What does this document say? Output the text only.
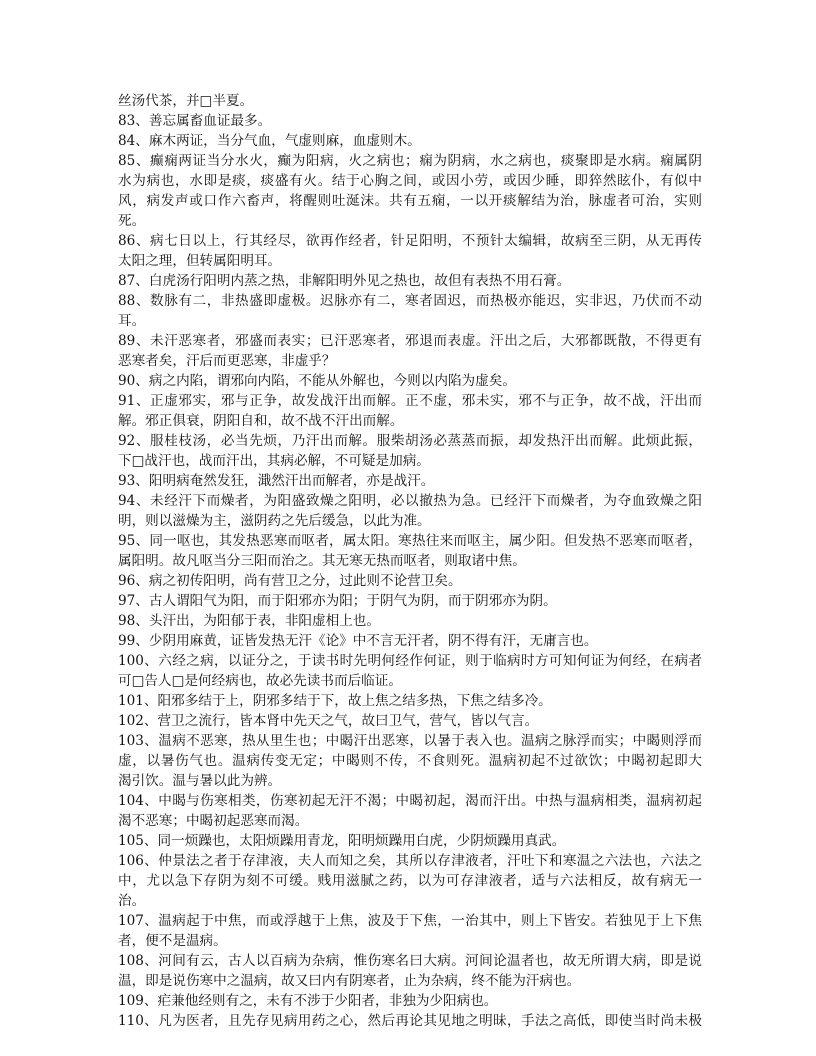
丝汤代茶，并□半夏。
83、善忘属畜血证最多。
84、麻木两证，当分气血，气虚则麻，血虚则木。
85、癫痫两证当分水火，癫为阳病，火之病也；痫为阴病，水之病也，痰聚即是水病。痫属阴
水为病也，水即是痰，痰盛有火。结于心胸之间，或因小劳，或因少睡，即猝然眩仆，有似中
风，病发声或口作六畜声，将醒则吐涎沫。共有五痫，一以开痰解结为治，脉虚者可治，实则
死。
86、病七日以上，行其经尽，欲再作经者，针足阳明，不预针太编辑，故病至三阴，从无再传
太阳之理，但转属阳明耳。
87、白虎汤行阳明内蒸之热，非解阳明外见之热也，故但有表热不用石膏。
88、数脉有二，非热盛即虚极。迟脉亦有二，寒者固迟，而热极亦能迟，实非迟，乃伏而不动
耳。
89、未汗恶寒者，邪盛而表实；已汗恶寒者，邪退而表虚。汗出之后，大邪都既散，不得更有
恶寒者矣，汗后而更恶寒，非虚乎？
90、病之内陷，谓邪向内陷，不能从外解也，今则以内陷为虚矣。
91、正虚邪实，邪与正争，故发战汗出而解。正不虚，邪未实，邪不与正争，故不战，汗出而
解。邪正俱衰，阴阳自和，故不战不汗出而解。
92、服桂枝汤，必当先烦，乃汗出而解。服柴胡汤必蒸蒸而振，却发热汗出而解。此烦此振，
下□战汗也，战而汗出，其病必解，不可疑是加病。
93、阳明病奄然发狂，濈然汗出而解者，亦是战汗。
94、未经汗下而燥者，为阳盛致燥之阳明，必以撤热为急。已经汗下而燥者，为夺血致燥之阳
明，则以滋燥为主，滋阴药之先后缓急，以此为准。
95、同一呕也，其发热恶寒而呕者，属太阳。寒热往来而呕主，属少阳。但发热不恶寒而呕者，
属阳明。故凡呕当分三阳而治之。其无寒无热而呕者，则取诸中焦。
96、病之初传阳明，尚有营卫之分，过此则不论营卫矣。
97、古人谓阳气为阳，而于阳邪亦为阳；于阴气为阴，而于阴邪亦为阴。
98、头汗出，为阳郁于表，非阳虚相上也。
99、少阴用麻黄，证皆发热无汗《论》中不言无汗者，阴不得有汗，无庸言也。
100、六经之病，以证分之，于读书时先明何经作何证，则于临病时方可知何证为何经，在病者
可□告人□是何经病也，故必先读书而后临证。
101、阳邪多结于上，阴邪多结于下，故上焦之结多热，下焦之结多冷。
102、营卫之流行，皆本肾中先天之气，故曰卫气，营气，皆以气言。
103、温病不恶寒，热从里生也；中暍汗出恶寒，以暑于表入也。温病之脉浮而实；中暍则浮而
虚，以暑伤气也。温病传变无定；中暍则不传，不食则死。温病初起不过欲饮；中暍初起即大
渴引饮。温与暑以此为辨。
104、中暍与伤寒相类，伤寒初起无汗不渴；中暍初起，渴而汗出。中热与温病相类，温病初起
渴不恶寒；中暍初起恶寒而渴。
105、同一烦躁也，太阳烦躁用青龙，阳明烦躁用白虎，少阴烦躁用真武。
106、仲景法之者于存津液，夫人而知之矣，其所以存津液者，汗吐下和寒温之六法也，六法之
中，尤以急下存阴为刻不可缓。贱用滋腻之药，以为可存津液者，适与六法相反，故有病无一
治。
107、温病起于中焦，而或浮越于上焦，波及于下焦，一治其中，则上下皆安。若独见于上下焦
者，便不是温病。
108、河间有云，古人以百病为杂病，惟伤寒名曰大病。河间论温者也，故无所谓大病，即是说
温，即是说伤寒中之温病，故又曰内有阴寒者，止为杂病，终不能为汗病也。
109、疟兼他经则有之，未有不涉于少阳者，非独为少阳病也。
110、凡为医者，且先存见病用药之心，然后再论其见地之明昧，手法之高低，即使当时尚未极
